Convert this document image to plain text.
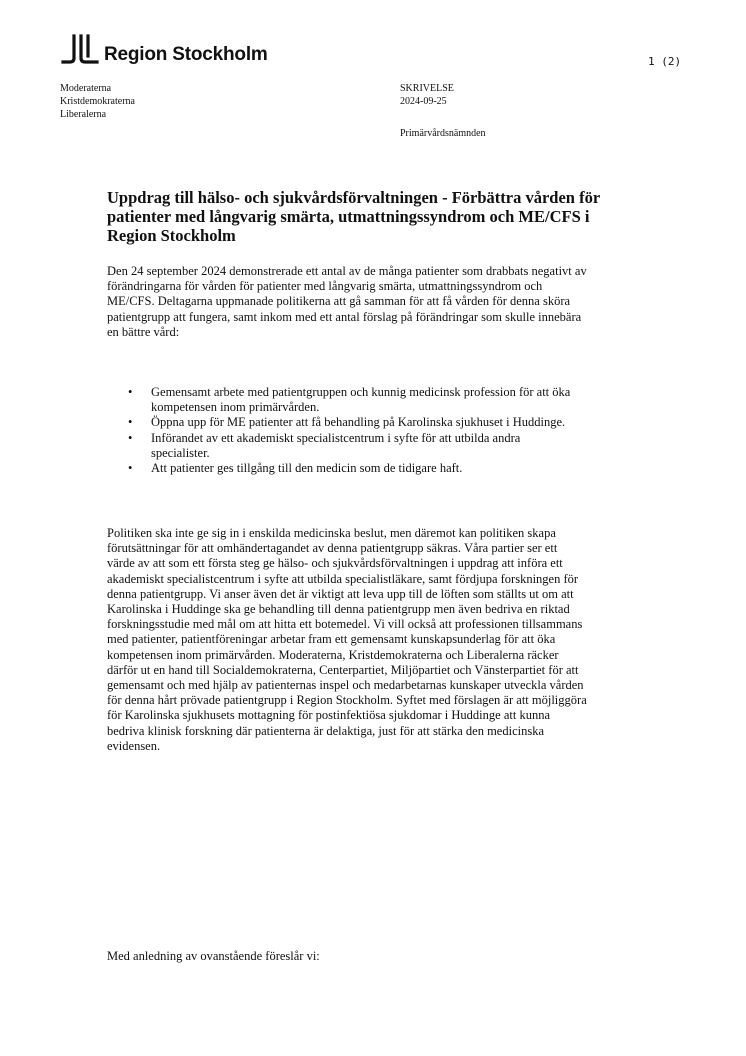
Region Stockholm	1 (2)
Moderaterna
Kristdemokraterna
Liberalerna
SKRIVELSE
2024-09-25
Primärvårdsnämnden
Uppdrag till hälso- och sjukvårdsförvaltningen - Förbättra vården för patienter med långvarig smärta, utmattningssyndrom och ME/CFS i Region Stockholm

Den 24 september 2024 demonstrerade ett antal av de många patienter som drabbats negativt av förändringarna för vården för patienter med långvarig smärta, utmattningssyndrom och ME/CFS. Deltagarna uppmanade politikerna att gå samman för att få vården för denna sköra patientgrupp att fungera, samt inkom med ett antal förslag på förändringar som skulle innebära en bättre vård:

• Gemensamt arbete med patientgruppen och kunnig medicinsk profession för att öka kompetensen inom primärvården.
• Öppna upp för ME patienter att få behandling på Karolinska sjukhuset i Huddinge.
• Införandet av ett akademiskt specialistcentrum i syfte för att utbilda andra specialister.
• Att patienter ges tillgång till den medicin som de tidigare haft.

Politiken ska inte ge sig in i enskilda medicinska beslut, men däremot kan politiken skapa förutsättningar för att omhändertagandet av denna patientgrupp säkras. Våra partier ser ett värde av att som ett första steg ge hälso- och sjukvårdsförvaltningen i uppdrag att införa ett akademiskt specialistcentrum i syfte att utbilda specialistläkare, samt fördjupa forskningen för denna patientgrupp. Vi anser även det är viktigt att leva upp till de löften som ställts ut om att Karolinska i Huddinge ska ge behandling till denna patientgrupp men även bedriva en riktad forskningsstudie med mål om att hitta ett botemedel. Vi vill också att professionen tillsammans med patienter, patientföreningar arbetar fram ett gemensamt kunskapsunderlag för att öka kompetensen inom primärvården. Moderaterna, Kristdemokraterna och Liberalerna räcker därför ut en hand till Socialdemokraterna, Centerpartiet, Miljöpartiet och Vänsterpartiet för att gemensamt och med hjälp av patienternas inspel och medarbetarnas kunskaper utveckla vården för denna hårt prövade patientgrupp i Region Stockholm. Syftet med förslagen är att möjliggöra för Karolinska sjukhusets mottagning för postinfektiösa sjukdomar i Huddinge att kunna bedriva klinisk forskning där patienterna är delaktiga, just för att stärka den medicinska evidensen.

Med anledning av ovanstående föreslår vi:
